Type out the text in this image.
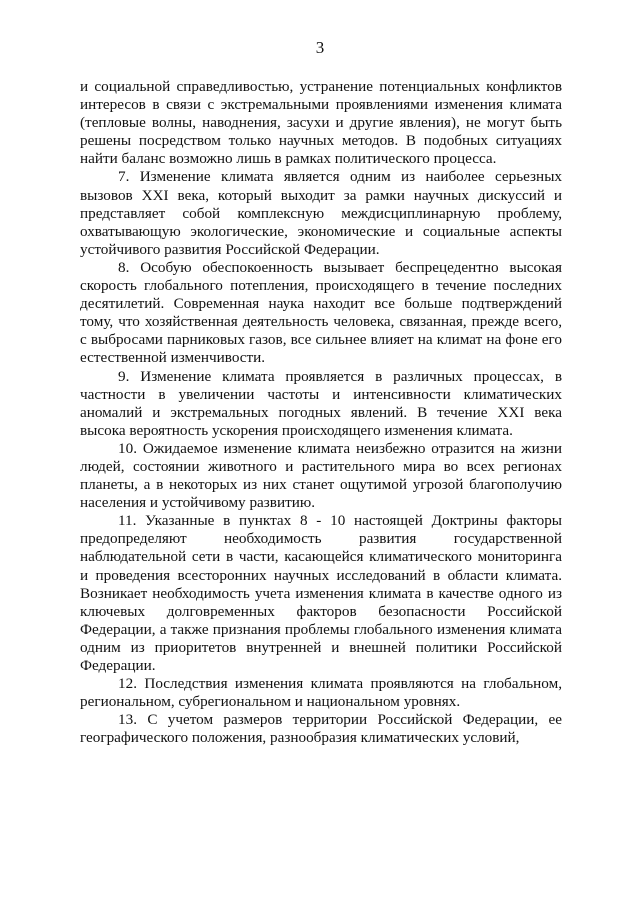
3

и социальной справедливостью, устранение потенциальных конфликтов интересов в связи с экстремальными проявлениями изменения климата (тепловые волны, наводнения, засухи и другие явления), не могут быть решены посредством только научных методов. В подобных ситуациях найти баланс возможно лишь в рамках политического процесса.

7. Изменение климата является одним из наиболее серьезных вызовов XXI века, который выходит за рамки научных дискуссий и представляет собой комплексную междисциплинарную проблему, охватывающую экологические, экономические и социальные аспекты устойчивого развития Российской Федерации.

8. Особую обеспокоенность вызывает беспрецедентно высокая скорость глобального потепления, происходящего в течение последних десятилетий. Современная наука находит все больше подтверждений тому, что хозяйственная деятельность человека, связанная, прежде всего, с выбросами парниковых газов, все сильнее влияет на климат на фоне его естественной изменчивости.

9. Изменение климата проявляется в различных процессах, в частности в увеличении частоты и интенсивности климатических аномалий и экстремальных погодных явлений. В течение XXI века высока вероятность ускорения происходящего изменения климата.

10. Ожидаемое изменение климата неизбежно отразится на жизни людей, состоянии животного и растительного мира во всех регионах планеты, а в некоторых из них станет ощутимой угрозой благополучию населения и устойчивому развитию.

11. Указанные в пунктах 8 - 10 настоящей Доктрины факторы предопределяют необходимость развития государственной наблюдательной сети в части, касающейся климатического мониторинга и проведения всесторонних научных исследований в области климата. Возникает необходимость учета изменения климата в качестве одного из ключевых долговременных факторов безопасности Российской Федерации, а также признания проблемы глобального изменения климата одним из приоритетов внутренней и внешней политики Российской Федерации.

12. Последствия изменения климата проявляются на глобальном, региональном, субрегиональном и национальном уровнях.

13. С учетом размеров территории Российской Федерации, ее географического положения, разнообразия климатических условий,
